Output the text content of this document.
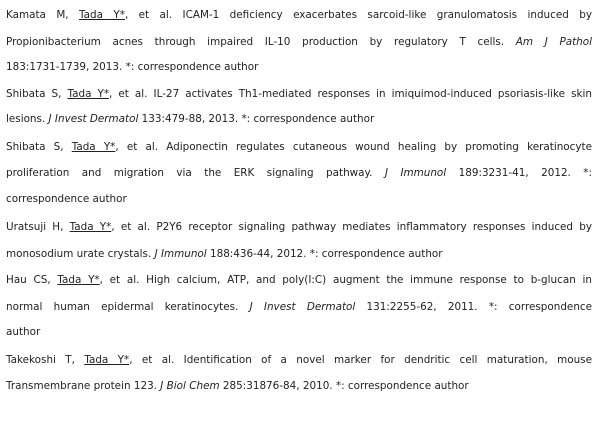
Kamata M, Tada Y*, et al. ICAM-1 deficiency exacerbates sarcoid-like granulomatosis induced by
Propionibacterium acnes through impaired IL-10 production by regulatory T cells. Am J Pathol
183:1731-1739, 2013. *: correspondence author
Shibata S, Tada Y*, et al. IL-27 activates Th1-mediated responses in imiquimod-induced psoriasis-like skin
lesions. J Invest Dermatol 133:479-88, 2013. *: correspondence author
Shibata S, Tada Y*, et al. Adiponectin regulates cutaneous wound healing by promoting keratinocyte
proliferation and migration via the ERK signaling pathway. J Immunol 189:3231-41, 2012. *:
correspondence author
Uratsuji H, Tada Y*, et al. P2Y6 receptor signaling pathway mediates inflammatory responses induced by
monosodium urate crystals. J Immunol 188:436-44, 2012. *: correspondence author
Hau CS, Tada Y*, et al. High calcium, ATP, and poly(I:C) augment the immune response to b-glucan in
normal human epidermal keratinocytes. J Invest Dermatol 131:2255-62, 2011. *: correspondence
author
Takekoshi T, Tada Y*, et al. Identification of a novel marker for dendritic cell maturation, mouse
Transmembrane protein 123. J Biol Chem 285:31876-84, 2010. *: correspondence author
